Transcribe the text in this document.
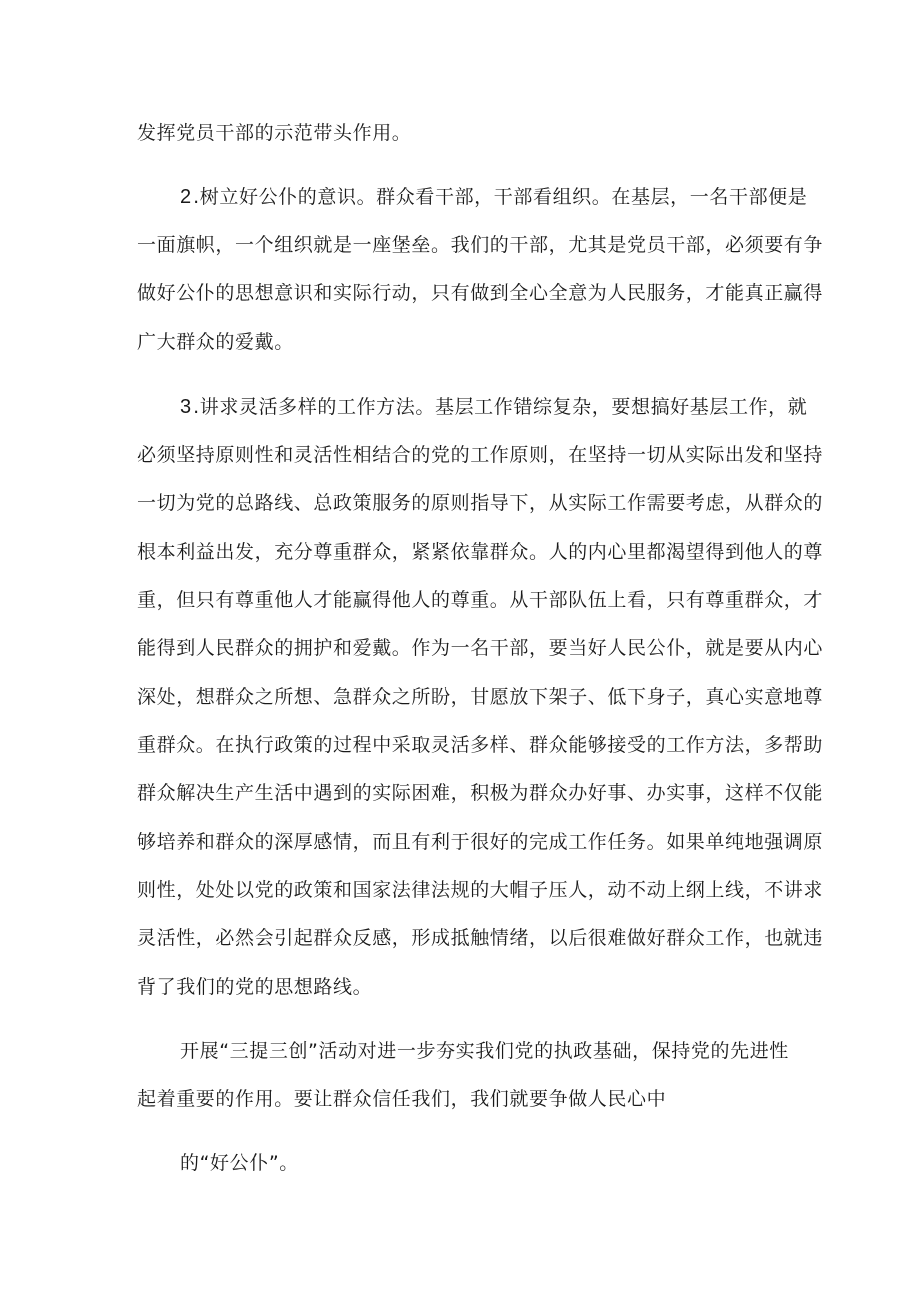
发挥党员干部的示范带头作用。
2.树立好公仆的意识。群众看干部，干部看组织。在基层，一名干部便是
一面旗帜，一个组织就是一座堡垒。我们的干部，尤其是党员干部，必须要有争
做好公仆的思想意识和实际行动，只有做到全心全意为人民服务，才能真正赢得
广大群众的爱戴。
3.讲求灵活多样的工作方法。基层工作错综复杂，要想搞好基层工作，就
必须坚持原则性和灵活性相结合的党的工作原则，在坚持一切从实际出发和坚持
一切为党的总路线、总政策服务的原则指导下，从实际工作需要考虑，从群众的
根本利益出发，充分尊重群众，紧紧依靠群众。人的内心里都渴望得到他人的尊
重，但只有尊重他人才能赢得他人的尊重。从干部队伍上看，只有尊重群众，才
能得到人民群众的拥护和爱戴。作为一名干部，要当好人民公仆，就是要从内心
深处，想群众之所想、急群众之所盼，甘愿放下架子、低下身子，真心实意地尊
重群众。在执行政策的过程中采取灵活多样、群众能够接受的工作方法，多帮助
群众解决生产生活中遇到的实际困难，积极为群众办好事、办实事，这样不仅能
够培养和群众的深厚感情，而且有利于很好的完成工作任务。如果单纯地强调原
则性，处处以党的政策和国家法律法规的大帽子压人，动不动上纲上线，不讲求
灵活性，必然会引起群众反感，形成抵触情绪，以后很难做好群众工作，也就违
背了我们的党的思想路线。
开展“三提三创”活动对进一步夯实我们党的执政基础，保持党的先进性
起着重要的作用。要让群众信任我们，我们就要争做人民心中
的“好公仆”。
